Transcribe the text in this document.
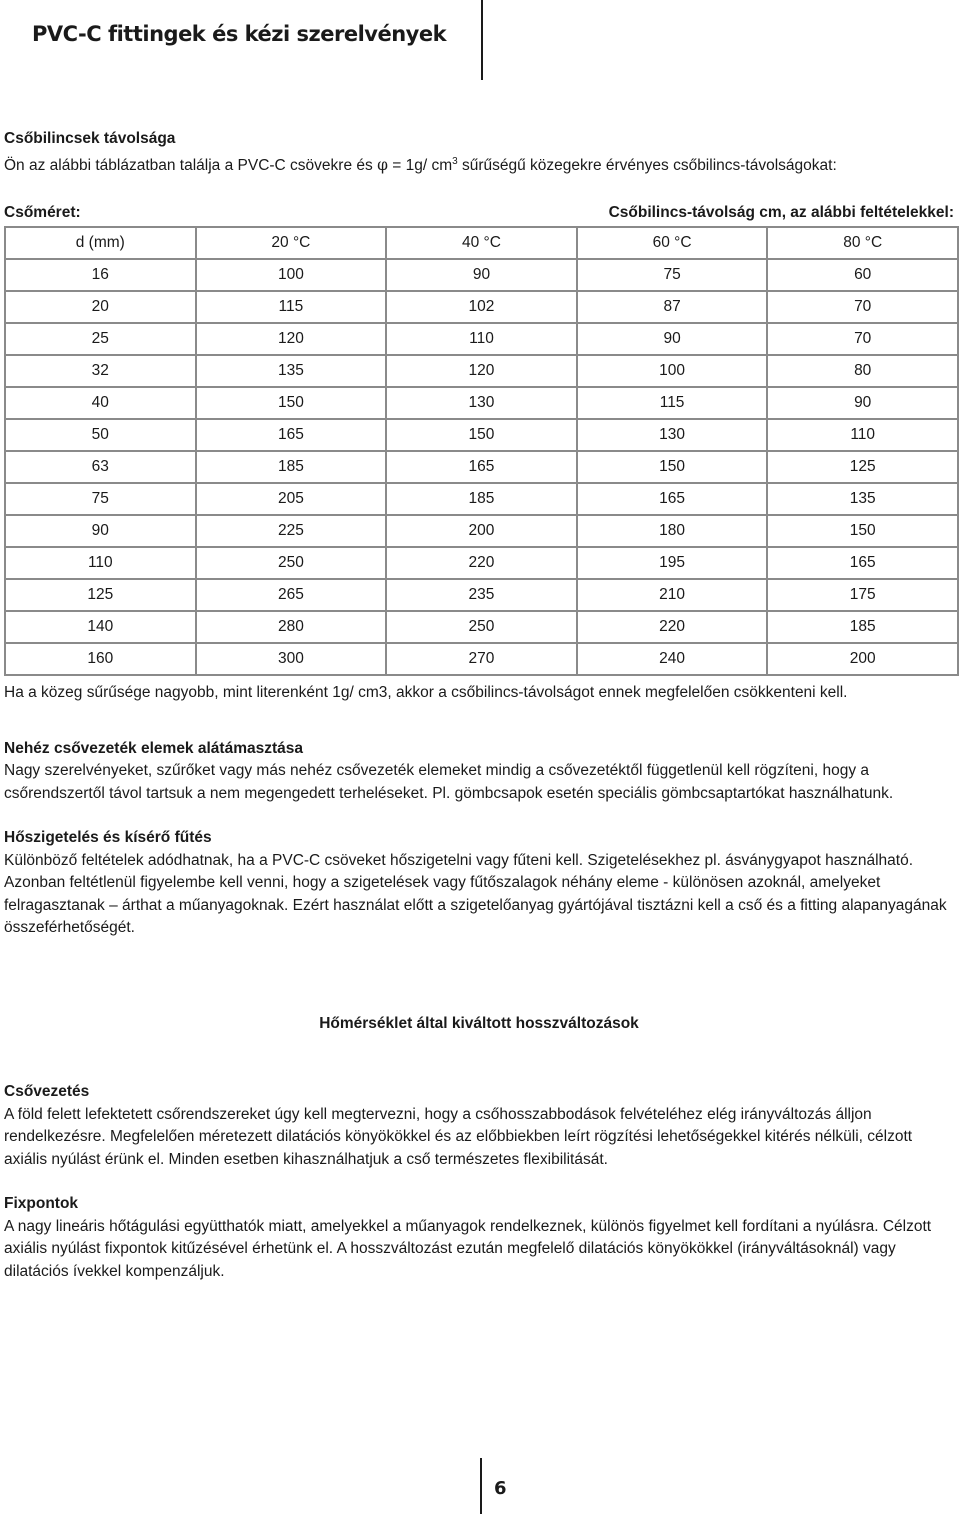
PVC-C fittingek és kézi szerelvények

Csőbilincsek távolsága

Ön az alábbi táblázatban találja a PVC-C csövekre és φ = 1g/ $cm^3$ sűrűségű közegekre érvényes csőbilincs-távolságokat:

Csőméret:	Csőbilincs-távolság cm, az alábbi feltételekkel:
d (mm)	20 °C	40 °C	60 °C	80 °C
16	100	90	75	60
20	115	102	87	70
25	120	110	90	70
32	135	120	100	80
40	150	130	115	90
50	165	150	130	110
63	185	165	150	125
75	205	185	165	135
90	225	200	180	150
110	250	220	195	165
125	265	235	210	175
140	280	250	220	185
160	300	270	240	200

Ha a közeg sűrűsége nagyobb, mint literenként 1g/ cm3, akkor a csőbilincs-távolságot ennek megfelelően csökkenteni kell.

Nehéz csővezeték elemek alátámasztása

Nagy szerelvényeket, szűrőket vagy más nehéz csővezeték elemeket mindig a csővezetéktől függetlenül kell rögzíteni, hogy a csőrendszertől távol tartsuk a nem megengedett terheléseket. Pl. gömbcsapok esetén speciális gömbcsaptartókat használhatunk.

Hőszigetelés és kísérő fűtés

Különböző feltételek adódhatnak, ha a PVC-C csöveket hőszigetelni vagy fűteni kell. Szigetelésekhez pl. ásványgyapot használható. Azonban feltétlenül figyelembe kell venni, hogy a szigetelések vagy fűtőszalagok néhány eleme - különösen azoknál, amelyeket felragasztanak – árthat a műanyagoknak. Ezért használat előtt a szigetelőanyag gyártójával tisztázni kell a cső és a fitting alapanyagának összeférhetőségét.

Hőmérséklet által kiváltott hosszváltozások

Csővezetés

A föld felett lefektetett csőrendszereket úgy kell megtervezni, hogy a csőhosszabbodások felvételéhez elég irányváltozás álljon rendelkezésre. Megfelelően méretezett dilatációs könyökökkel és az előbbiekben leírt rögzítési lehetőségekkel kitérés nélküli, célzott axiális nyúlást érünk el. Minden esetben kihasználhatjuk a cső természetes flexibilitását.

Fixpontok

A nagy lineáris hőtágulási együtthatók miatt, amelyekkel a műanyagok rendelkeznek, különös figyelmet kell fordítani a nyúlásra. Célzott axiális nyúlást fixpontok kitűzésével érhetünk el. A hosszváltozást ezután megfelelő dilatációs könyökökkel (irányváltásoknál) vagy dilatációs ívekkel kompenzáljuk.

6
